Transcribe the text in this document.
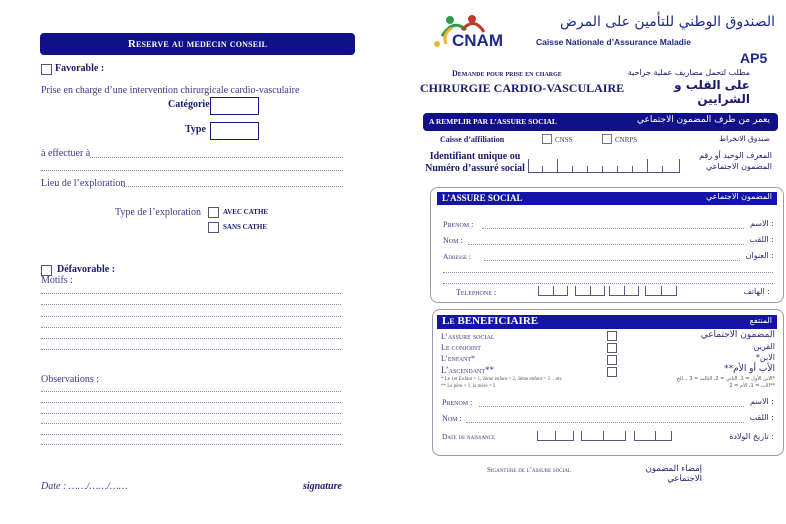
Reserve au medecin conseil
Favorable :
Prise en charge d’une intervention chirurgicale cardio-vasculaire
Catégorie
Type
à effectuer à
Lieu de l’exploration
Type de l’exploration	AVEC CATHE
SANS CATHE
Défavorable :
Motifs :
Observations :
Date : ……/……/……	signature
CNAM
الصندوق الوطني للتأمين على المرض
Caisse Nationale d’Assurance Maladie
AP5
Demande pour prise en charge
CHIRURGIE CARDIO-VASCULAIRE
مطلب لتحمل مصاريف عملية جراحية
على القلب و الشرايين
A REMPLIR PAR L’ASSURE SOCIAL	يعمر من طرف المضمون الاجتماعي
Caisse d’affiliation	CNSS	CNRPS	صندوق الانخراط
Identifiant unique ou
Numéro d’assuré social
المعرف الوحيد أو رقم
المضمون الاجتماعي
L’ASSURE SOCIAL	المضمون الاجتماعي
Prenom :	: الاسم
Nom :	: اللقب
Adresse :	: العنوان
Telephone :	: الهاتف
Le BENEFICIAIRE	المنتفع
L’assure social	المضمون الاجتماعي
Le conjoint	القرين
L’enfant*	الابن*
L’ascendant**	الأب أو الأم**
* Le 1er Enfant = 1, 2ème enfant = 2, 3ème enfant = 3 …etc
** Le père = 1, la mère = 2
*الابن الأول = 1، الثاني = 2، الثالث = 3 ...الخ
**الأب = 1، الأم = 2
Prenom :	: الاسم
Nom :	: اللقب
Date de naissance	: تاريخ الولادة
Siganture de l’assure social	إمضاء المضمون الاجتماعي
